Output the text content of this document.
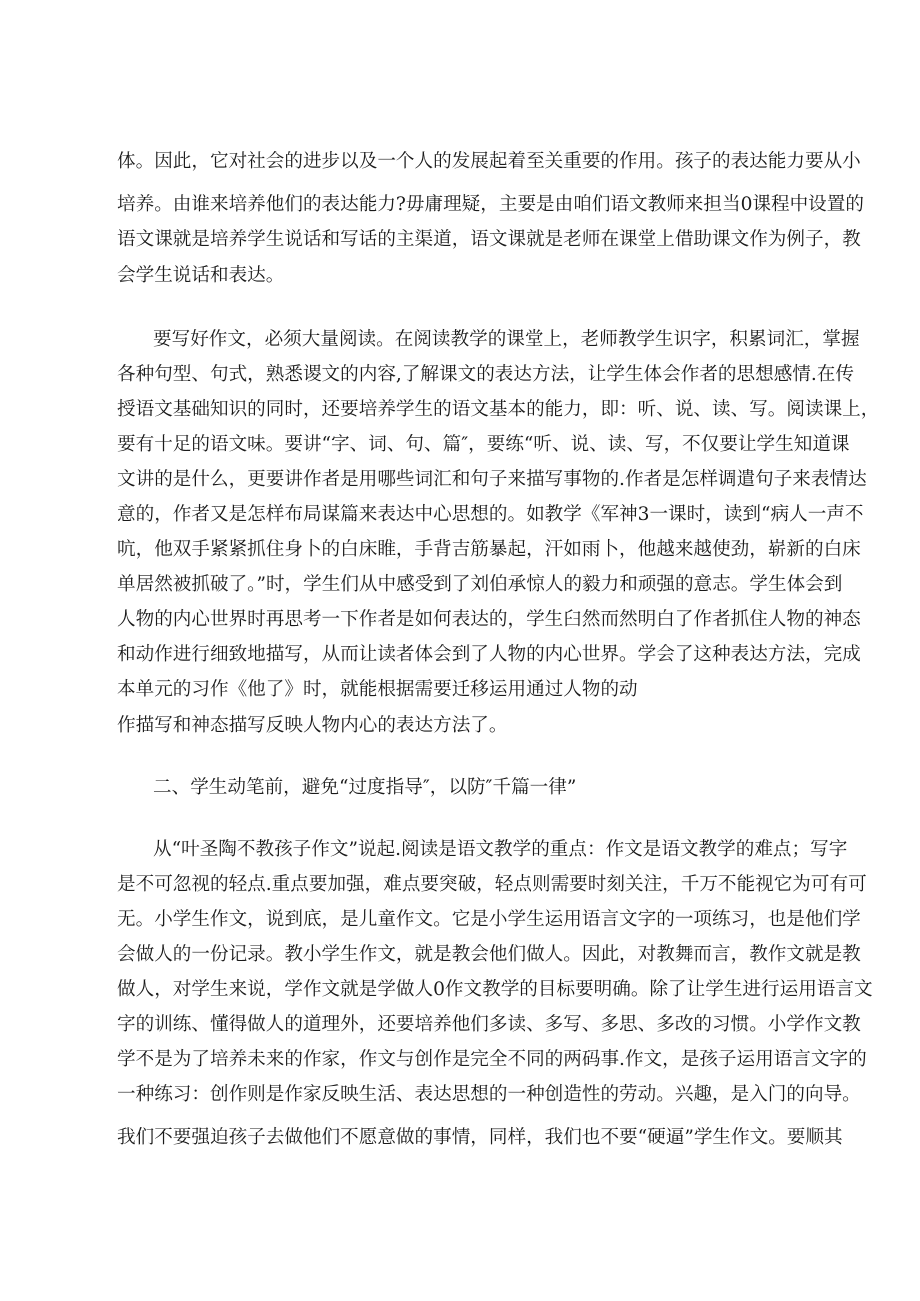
体。因此，它对社会的进步以及一个人的发展起着至关重要的作用。孩子的表达能力要从小
培养。由谁来培养他们的表达能力?毋庸理疑，主要是由咱们语文教师来担当0课程中设置的
语文课就是培养学生说话和写话的主渠道，语文课就是老师在课堂上借助课文作为例子，教
会学生说话和表达。
要写好作文，必须大量阅读。在阅读教学的课堂上，老师教学生识字，积累词汇，掌握
各种句型、句式，熟悉谡文的内容,了解课文的表达方法，让学生体会作者的思想感情.在传
授语文基础知识的同时，还要培养学生的语文基本的能力，即：听、说、读、写。阅读课上，
要有十足的语文味。要讲“字、词、句、篇″，要练“听、说、读、写，不仅要让学生知道课
文讲的是什么，更要讲作者是用哪些词汇和句子来描写事物的.作者是怎样调遣句子来表情达
意的，作者又是怎样布局谋篇来表达中心思想的。如教学《军神3一课时，读到“病人一声不
吭，他双手紧紧抓住身卜的白床睢，手背吉筋暴起，汗如雨卜，他越来越使劲，崭新的白床
单居然被抓破了。”时，学生们从中感受到了刘伯承惊人的毅力和顽强的意志。学生体会到
人物的内心世界时再思考一下作者是如何表达的，学生臼然而然明白了作者抓住人物的神态
和动作进行细致地描写，从而让读者体会到了人物的内心世界。学会了这种表达方法，完成
本单元的习作《他了》时，就能根据需要迁移运用通过人物的动
作描写和神态描写反映人物内心的表达方法了。
二、学生动笔前，避免“过度指导″，以防″千篇一律”
从“叶圣陶不教孩子作文”说起.阅读是语文教学的重点：作文是语文教学的难点；写字
是不可忽视的轻点.重点要加强，难点要突破，轻点则需要时刻关注，千万不能视它为可有可
无。小学生作文，说到底，是儿童作文。它是小学生运用语言文字的一项练习，也是他们学
会做人的一份记录。教小学生作文，就是教会他们做人。因此，对教舞而言，教作文就是教
做人，对学生来说，学作文就是学做人0作文教学的目标要明确。除了让学生进行运用语言文
字的训练、懂得做人的道理外，还要培养他们多读、多写、多思、多改的习惯。小学作文教
学不是为了培养未来的作家，作文与创作是完全不同的两码事.作文，是孩子运用语言文字的
一种练习：创作则是作家反映生活、表达思想的一种创造性的劳动。兴趣，是入门的向导。
我们不要强迫孩子去做他们不愿意做的事情，同样，我们也不要“硬逼”学生作文。要顺其
